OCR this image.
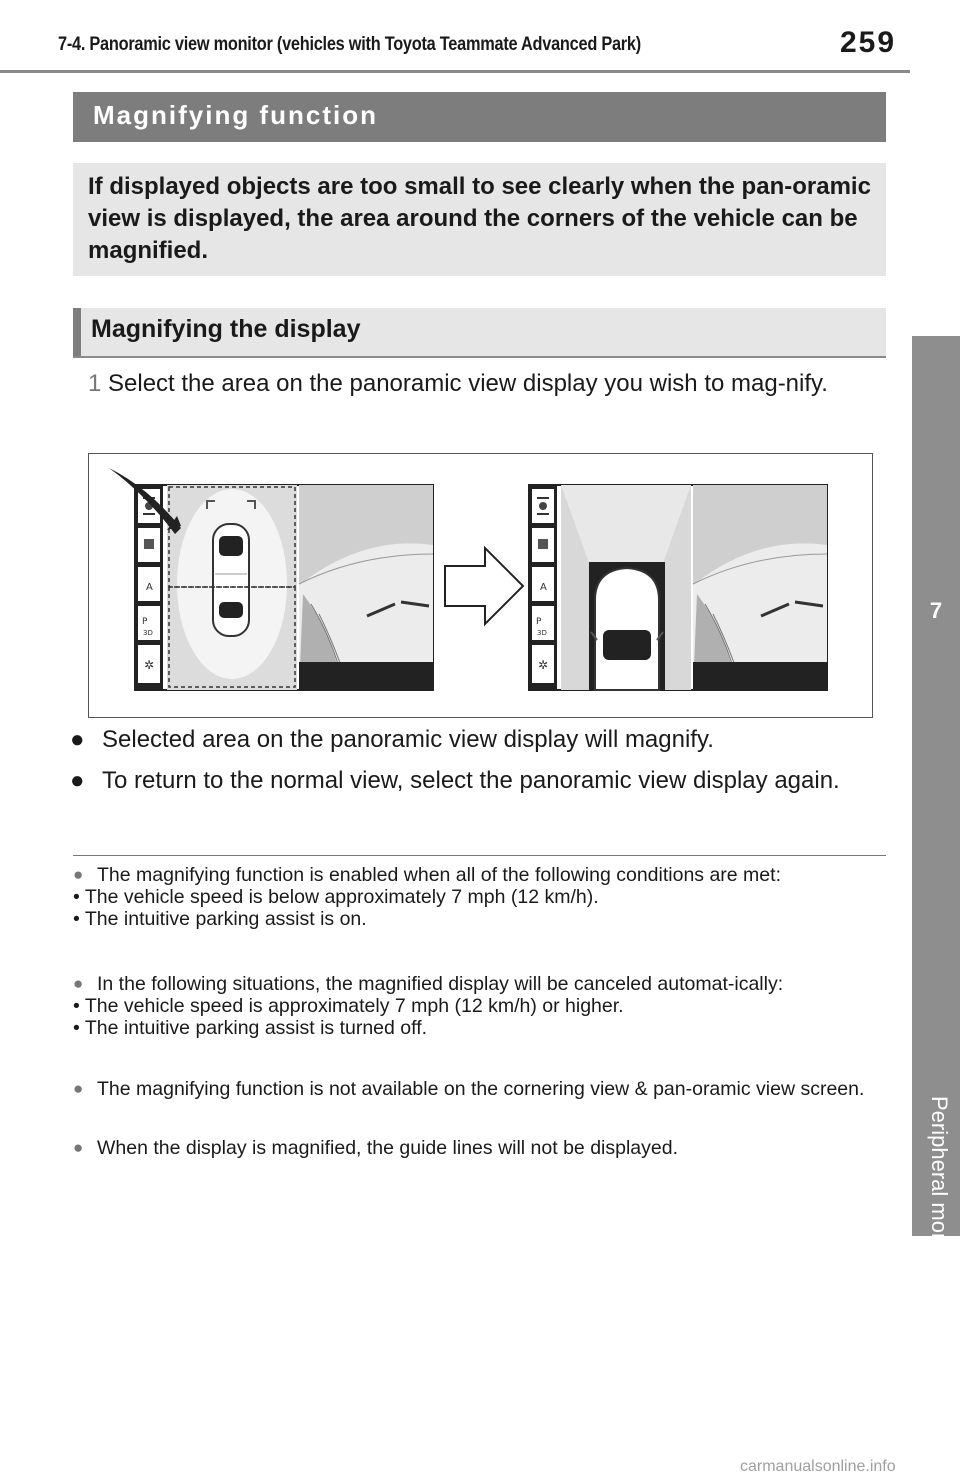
7-4. Panoramic view monitor (vehicles with Toyota Teammate Advanced Park)	259
7
Peripheral monitoring system
Magnifying function
If displayed objects are too small to see clearly when the pan-oramic view is displayed, the area around the corners of the vehicle can be magnified.
Magnifying the display
1 Select the area on the panoramic view display you wish to mag-nify.
A
P
3D
✲
A
P
3D
✲
● Selected area on the panoramic view display will magnify.
● To return to the normal view, select the panoramic view display again.
● The magnifying function is enabled when all of the following conditions are met:
• The vehicle speed is below approximately 7 mph (12 km/h).
• The intuitive parking assist is on.
● In the following situations, the magnified display will be canceled automat-ically:
• The vehicle speed is approximately 7 mph (12 km/h) or higher.
• The intuitive parking assist is turned off.
● The magnifying function is not available on the cornering view & pan-oramic view screen.
● When the display is magnified, the guide lines will not be displayed.
carmanualsonline.info
